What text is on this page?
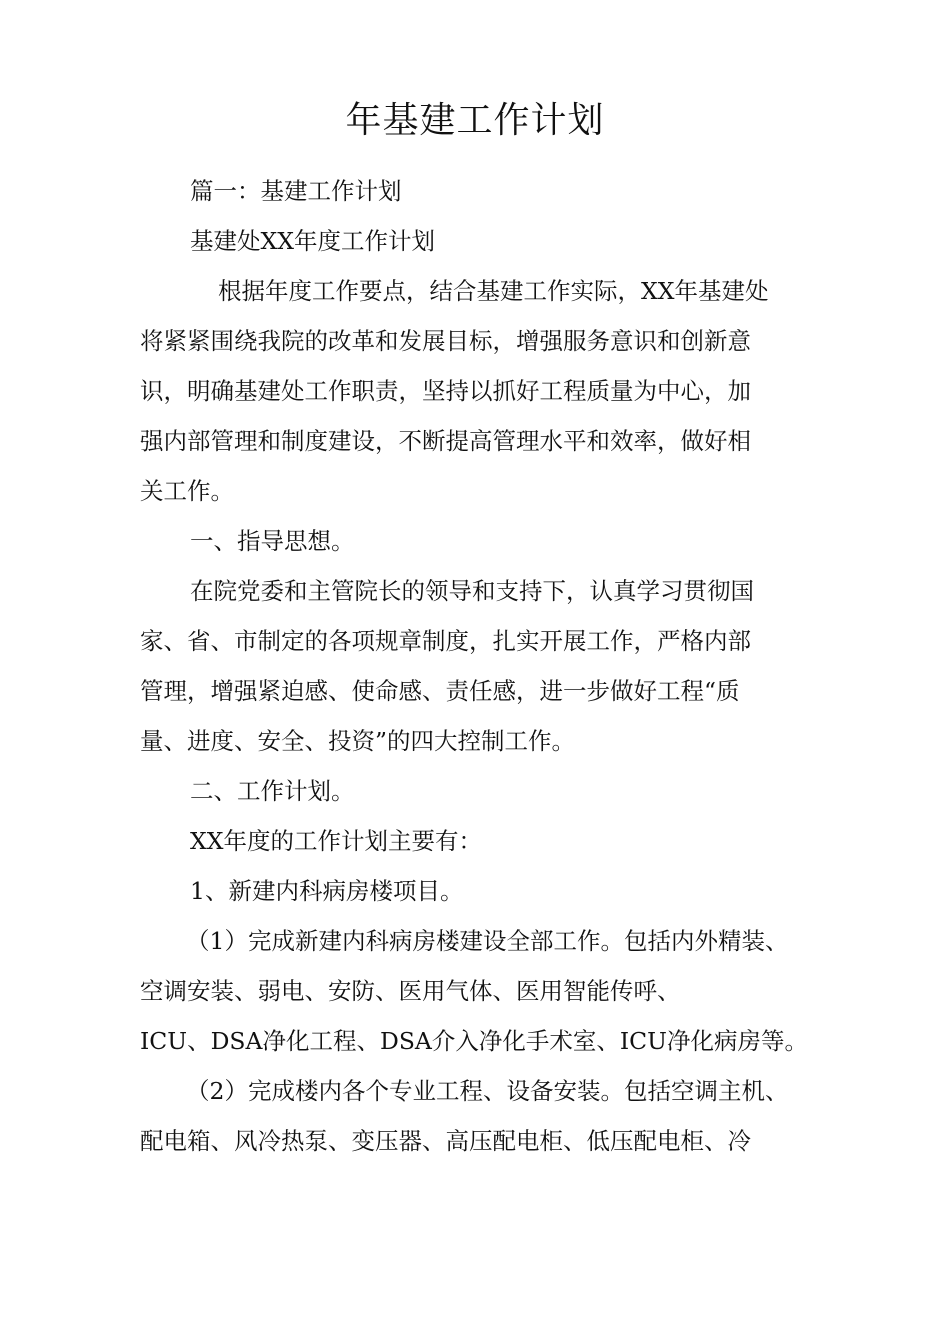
年基建工作计划

篇一：基建工作计划

基建处XX年度工作计划

根据年度工作要点，结合基建工作实际，XX年基建处

将紧紧围绕我院的改革和发展目标，增强服务意识和创新意

识，明确基建处工作职责，坚持以抓好工程质量为中心，加

强内部管理和制度建设，不断提高管理水平和效率，做好相

关工作。

一、指导思想。

在院党委和主管院长的领导和支持下，认真学习贯彻国

家、省、市制定的各项规章制度，扎实开展工作，严格内部

管理，增强紧迫感、使命感、责任感，进一步做好工程“质

量、进度、安全、投资”的四大控制工作。

二、工作计划。

XX年度的工作计划主要有：

1、新建内科病房楼项目。

（1）完成新建内科病房楼建设全部工作。包括内外精装、

空调安装、弱电、安防、医用气体、医用智能传呼、

ICU、DSA净化工程、DSA介入净化手术室、ICU净化病房等。

（2）完成楼内各个专业工程、设备安装。包括空调主机、

配电箱、风冷热泵、变压器、高压配电柜、低压配电柜、冷
